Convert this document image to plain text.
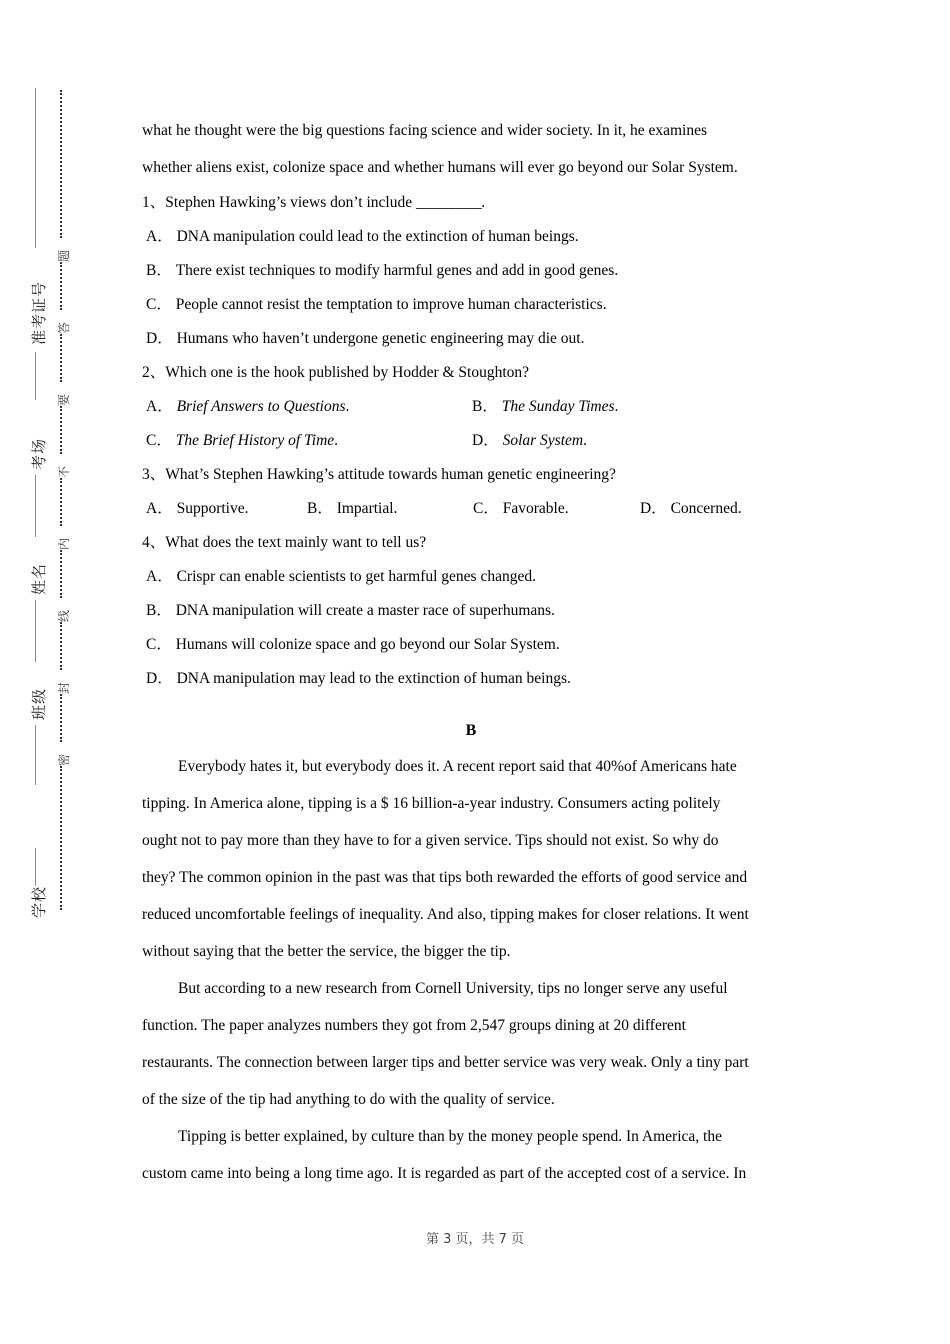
准考证号
考场
姓名
班级
学校
题
答
要
不
内
线
封
密
what he thought were the big questions facing science and wider society. In it, he examines
whether aliens exist, colonize space and whether humans will ever go beyond our Solar System.
1、Stephen Hawking’s views don’t include _________.
A． DNA manipulation could lead to the extinction of human beings.
B． There exist techniques to modify harmful genes and add in good genes.
C． People cannot resist the temptation to improve human characteristics.
D． Humans who haven’t undergone genetic engineering may die out.
2、Which one is the hook published by Hodder & Stoughton?
A． Brief Answers to Questions.	B． The Sunday Times.
C． The Brief History of Time.	D． Solar System.
3、What’s Stephen Hawking’s attitude towards human genetic engineering?
A． Supportive.	B． Impartial.	C． Favorable.	D． Concerned.
4、What does the text mainly want to tell us?
A． Crispr can enable scientists to get harmful genes changed.
B． DNA manipulation will create a master race of superhumans.
C． Humans will colonize space and go beyond our Solar System.
D． DNA manipulation may lead to the extinction of human beings.
B
Everybody hates it, but everybody does it. A recent report said that 40%of Americans hate
tipping. In America alone, tipping is a $ 16 billion-a-year industry. Consumers acting politely
ought not to pay more than they have to for a given service. Tips should not exist. So why do
they? The common opinion in the past was that tips both rewarded the efforts of good service and
reduced uncomfortable feelings of inequality. And also, tipping makes for closer relations. It went
without saying that the better the service, the bigger the tip.
But according to a new research from Cornell University, tips no longer serve any useful
function. The paper analyzes numbers they got from 2,547 groups dining at 20 different
restaurants. The connection between larger tips and better service was very weak. Only a tiny part
of the size of the tip had anything to do with the quality of service.
Tipping is better explained, by culture than by the money people spend. In America, the
custom came into being a long time ago. It is regarded as part of the accepted cost of a service. In
第 3 页，共 7 页
